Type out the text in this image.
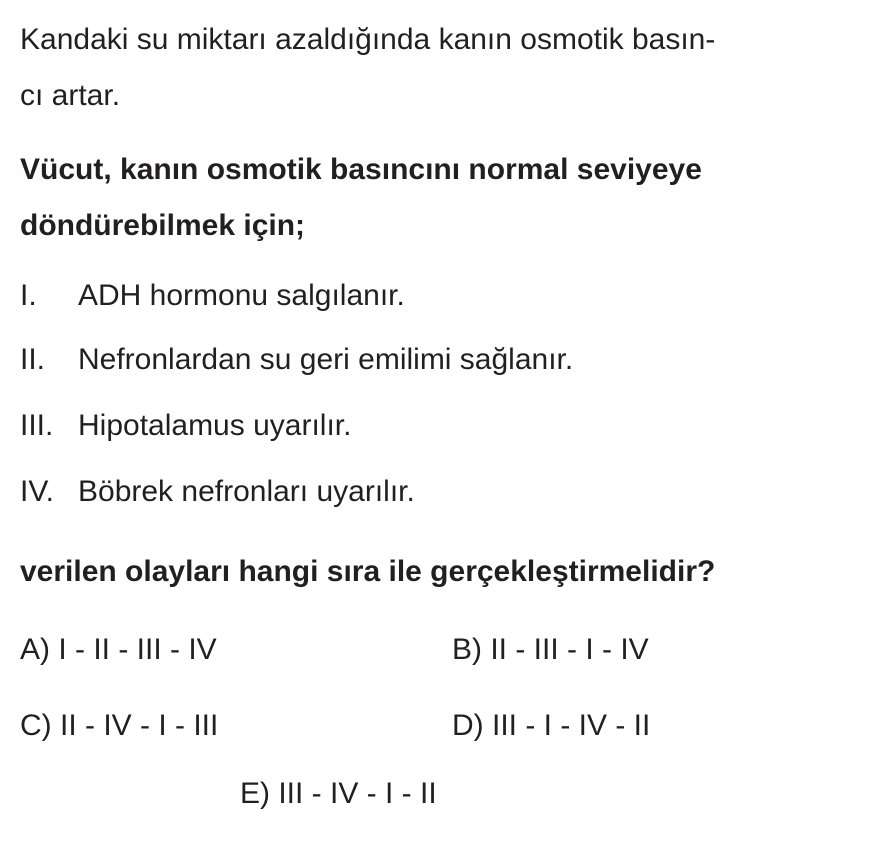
Kandaki su miktarı azaldığında kanın osmotik basın-
cı artar.
Vücut, kanın osmotik basıncını normal seviyeye
döndürebilmek için;
I. ADH hormonu salgılanır.
II. Nefronlardan su geri emilimi sağlanır.
III. Hipotalamus uyarılır.
IV. Böbrek nefronları uyarılır.
verilen olayları hangi sıra ile gerçekleştirmelidir?
A) I - II - III - IV	B) II - III - I - IV
C) II - IV - I - III	D) III - I - IV - II
E) III - IV - I - II
